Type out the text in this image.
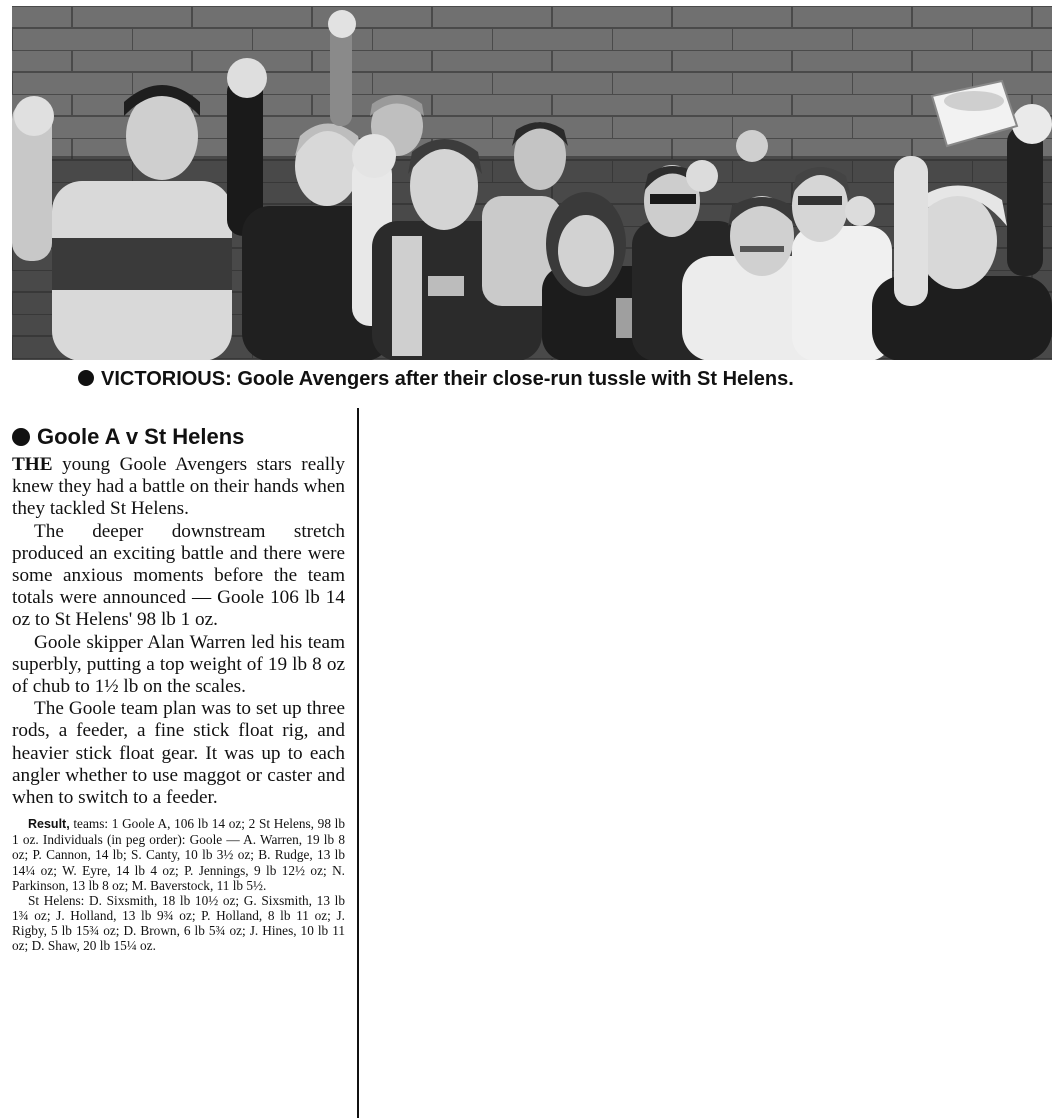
VICTORIOUS: Goole Avengers after their close-run tussle with St Helens.
Goole A v St Helens

THE young Goole Avengers stars really knew they had a battle on their hands when they tackled St Helens.

The deeper downstream stretch produced an exciting battle and there were some anxious moments before the team totals were announced — Goole 106 lb 14 oz to St Helens' 98 lb 1 oz.

Goole skipper Alan Warren led his team superbly, putting a top weight of 19 lb 8 oz of chub to 1½ lb on the scales.

The Goole team plan was to set up three rods, a feeder, a fine stick float rig, and heavier stick float gear. It was up to each angler whether to use maggot or caster and when to switch to a feeder.

Result, teams: 1 Goole A, 106 lb 14 oz; 2 St Helens, 98 lb 1 oz. Individuals (in peg order): Goole — A. Warren, 19 lb 8 oz; P. Cannon, 14 lb; S. Canty, 10 lb 3½ oz; B. Rudge, 13 lb 14¼ oz; W. Eyre, 14 lb 4 oz; P. Jennings, 9 lb 12½ oz; N. Parkinson, 13 lb 8 oz; M. Baverstock, 11 lb 5½.

St Helens: D. Sixsmith, 18 lb 10½ oz; G. Sixsmith, 13 lb 1¾ oz; J. Holland, 13 lb 9¾ oz; P. Holland, 8 lb 11 oz; J. Rigby, 5 lb 15¾ oz; D. Brown, 6 lb 5¾ oz; J. Hines, 10 lb 11 oz; D. Shaw, 20 lb 15¼ oz.
